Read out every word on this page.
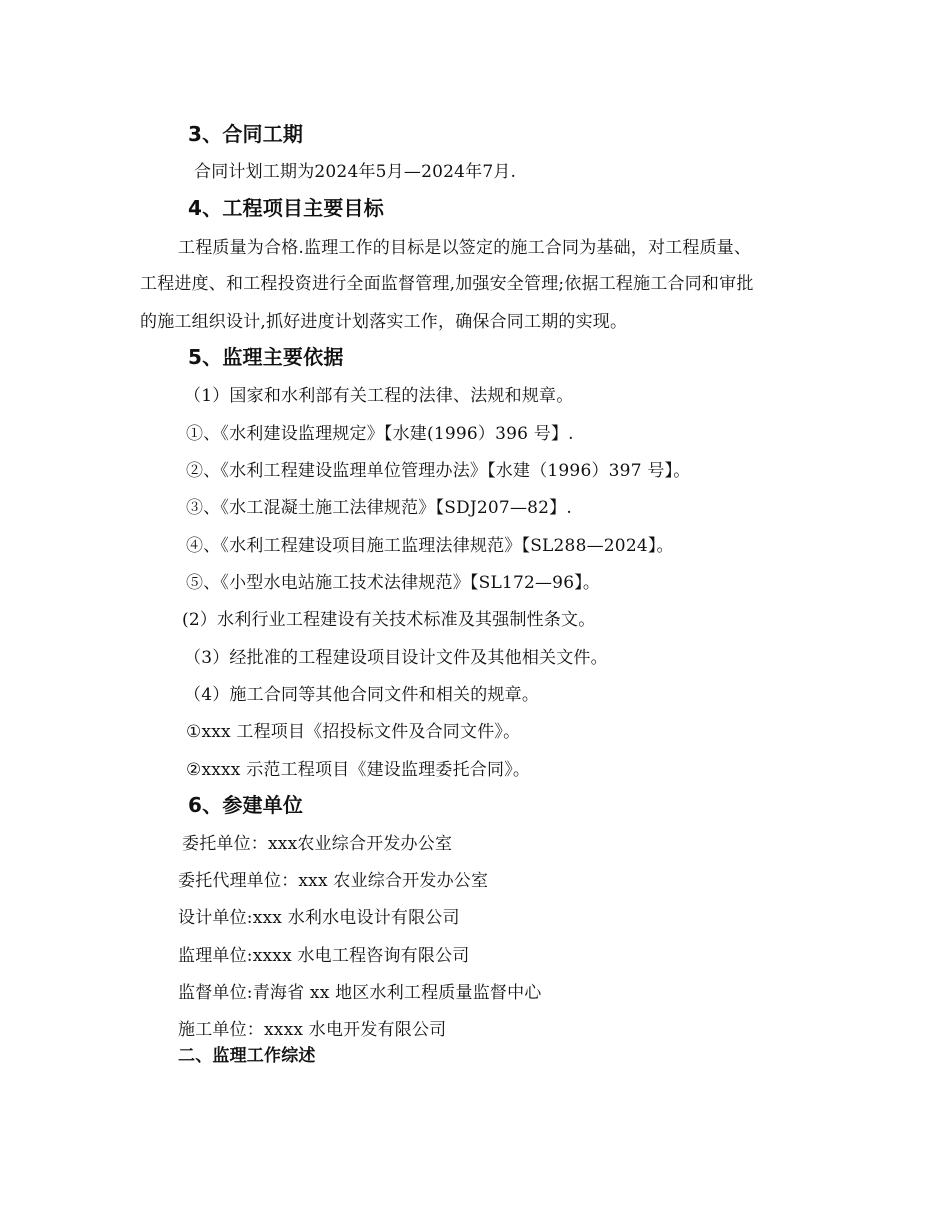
3、合同工期
合同计划工期为2024年5月—2024年7月.
4、工程项目主要目标
工程质量为合格.监理工作的目标是以签定的施工合同为基础，对工程质量、
工程进度、和工程投资进行全面监督管理,加强安全管理;依据工程施工合同和审批
的施工组织设计,抓好进度计划落实工作，确保合同工期的实现。
5、监理主要依据
（1）国家和水利部有关工程的法律、法规和规章。
①、《水利建设监理规定》【水建(1996）396 号】.
②、《水利工程建设监理单位管理办法》【水建（1996）397 号】。
③、《水工混凝土施工法律规范》【SDJ207—82】.
④、《水利工程建设项目施工监理法律规范》【SL288—2024】。
⑤、《小型水电站施工技术法律规范》【SL172—96】。
(2）水利行业工程建设有关技术标准及其强制性条文。
（3）经批准的工程建设项目设计文件及其他相关文件。
（4）施工合同等其他合同文件和相关的规章。
①xxx 工程项目《招投标文件及合同文件》。
②xxxx 示范工程项目《建设监理委托合同》。
6、参建单位
委托单位：xxx农业综合开发办公室
委托代理单位：xxx 农业综合开发办公室
设计单位:xxx 水利水电设计有限公司
监理单位:xxxx 水电工程咨询有限公司
监督单位:青海省 xx 地区水利工程质量监督中心
施工单位：xxxx 水电开发有限公司
二、监理工作综述
